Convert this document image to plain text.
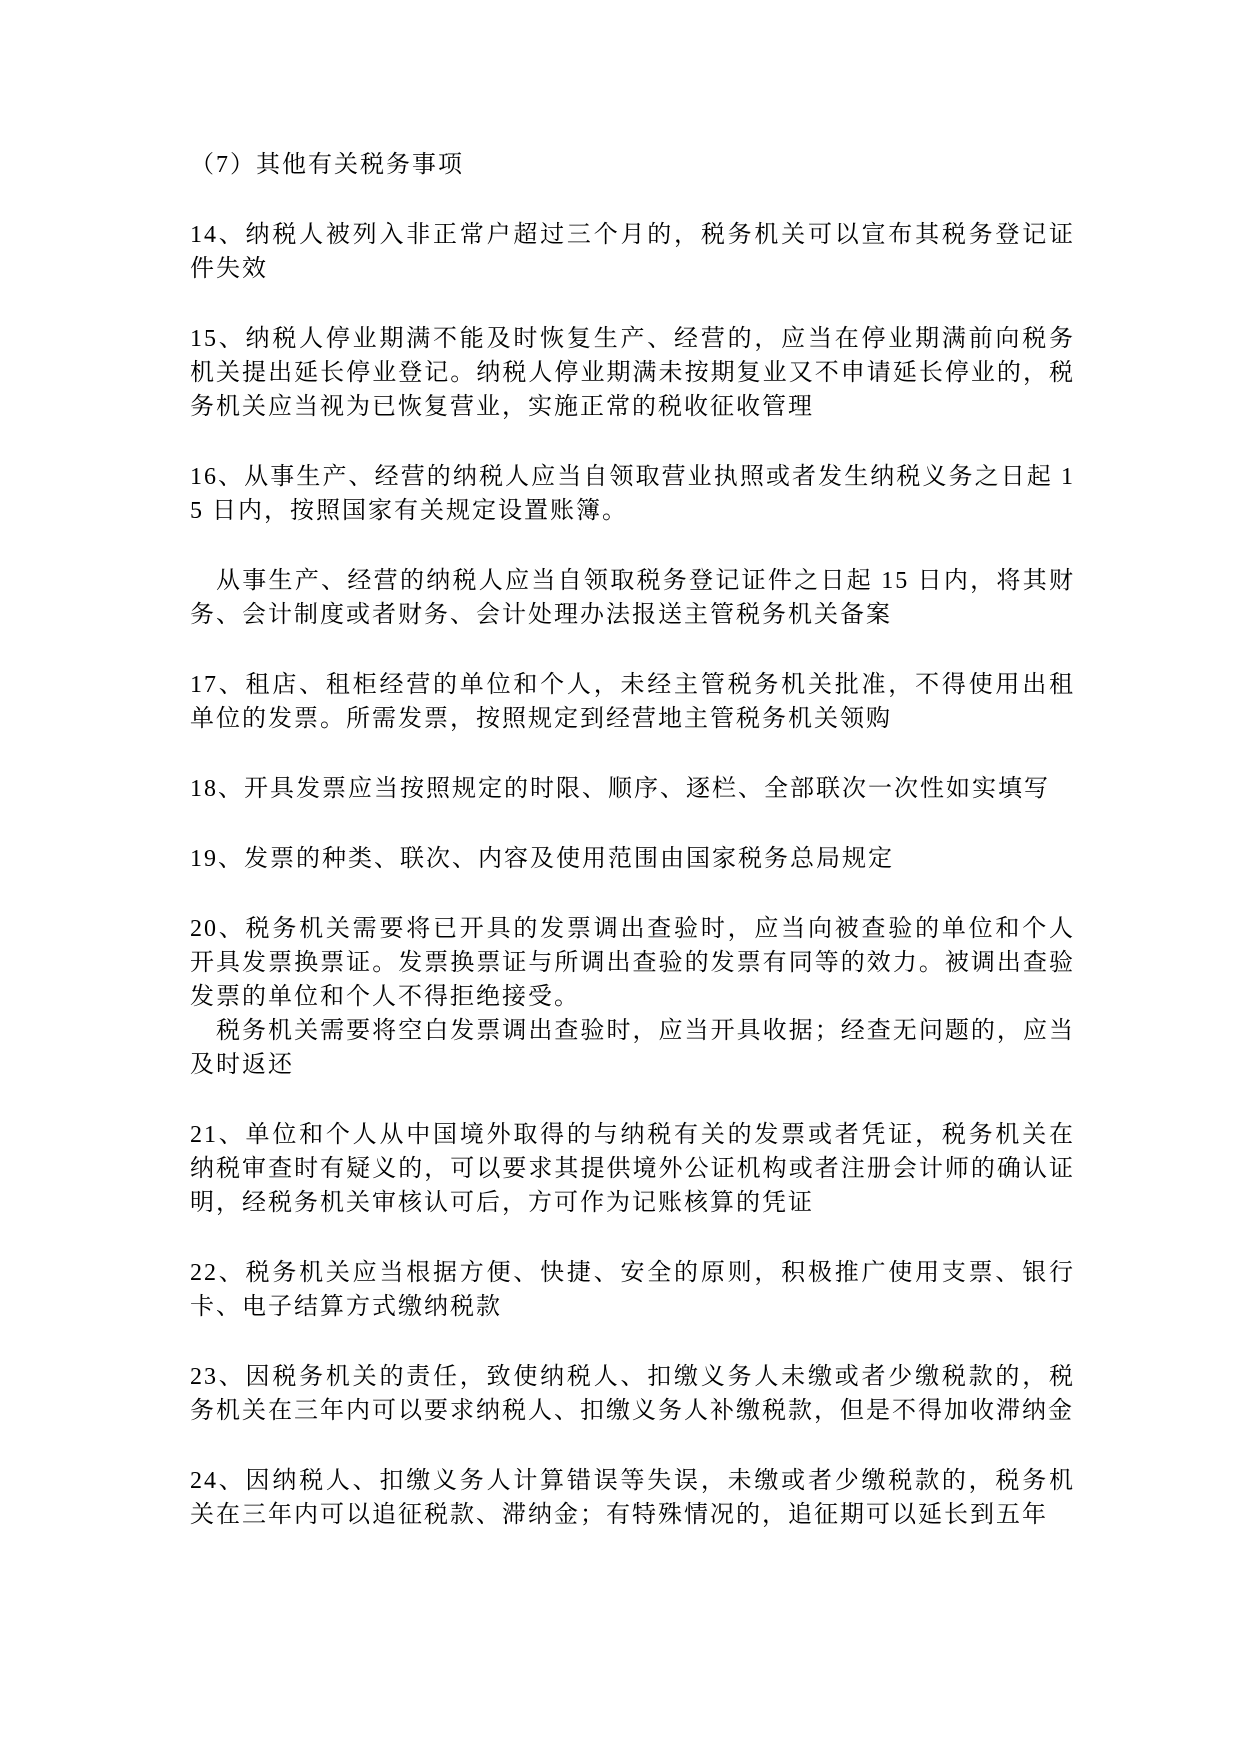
（7）其他有关税务事项

14、纳税人被列入非正常户超过三个月的，税务机关可以宣布其税务登记证件失效

15、纳税人停业期满不能及时恢复生产、经营的，应当在停业期满前向税务机关提出延长停业登记。纳税人停业期满未按期复业又不申请延长停业的，税务机关应当视为已恢复营业，实施正常的税收征收管理

16、从事生产、经营的纳税人应当自领取营业执照或者发生纳税义务之日起 15 日内，按照国家有关规定设置账簿。

从事生产、经营的纳税人应当自领取税务登记证件之日起 15 日内，将其财务、会计制度或者财务、会计处理办法报送主管税务机关备案

17、租店、租柜经营的单位和个人，未经主管税务机关批准，不得使用出租单位的发票。所需发票，按照规定到经营地主管税务机关领购

18、开具发票应当按照规定的时限、顺序、逐栏、全部联次一次性如实填写

19、发票的种类、联次、内容及使用范围由国家税务总局规定

20、税务机关需要将已开具的发票调出查验时，应当向被查验的单位和个人开具发票换票证。发票换票证与所调出查验的发票有同等的效力。被调出查验发票的单位和个人不得拒绝接受。

税务机关需要将空白发票调出查验时，应当开具收据；经查无问题的，应当及时返还

21、单位和个人从中国境外取得的与纳税有关的发票或者凭证，税务机关在纳税审查时有疑义的，可以要求其提供境外公证机构或者注册会计师的确认证明，经税务机关审核认可后，方可作为记账核算的凭证

22、税务机关应当根据方便、快捷、安全的原则，积极推广使用支票、银行卡、电子结算方式缴纳税款

23、因税务机关的责任，致使纳税人、扣缴义务人未缴或者少缴税款的，税务机关在三年内可以要求纳税人、扣缴义务人补缴税款，但是不得加收滞纳金

24、因纳税人、扣缴义务人计算错误等失误，未缴或者少缴税款的，税务机关在三年内可以追征税款、滞纳金；有特殊情况的，追征期可以延长到五年
